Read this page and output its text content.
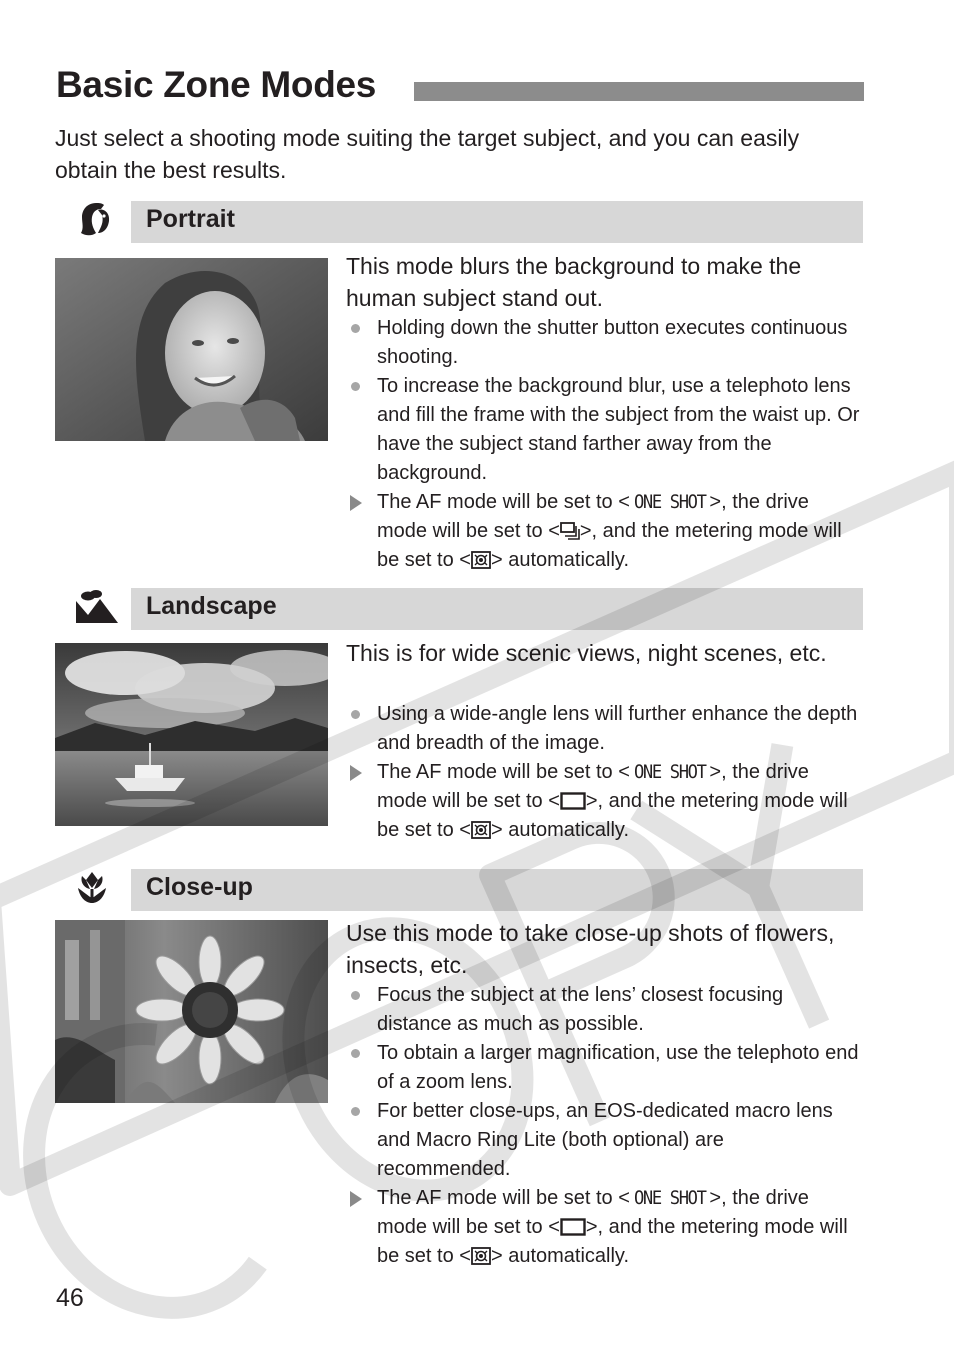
Basic Zone Modes

Just select a shooting mode suiting the target subject, and you can easily obtain the best results.

Portrait

This mode blurs the background to make the human subject stand out.

Holding down the shutter button executes continuous shooting.
To increase the background blur, use a telephoto lens and fill the frame with the subject from the waist up. Or have the subject stand farther away from the background.
The AF mode will be set to < ONE SHOT >, the drive mode will be set to < >, and the metering mode will be set to < > automatically.
Landscape

This is for wide scenic views, night scenes, etc.

Using a wide-angle lens will further enhance the depth and breadth of the image.
The AF mode will be set to < ONE SHOT >, the drive mode will be set to < >, and the metering mode will be set to < > automatically.
Close-up

Use this mode to take close-up shots of flowers, insects, etc.

Focus the subject at the lens’ closest focusing distance as much as possible.
To obtain a larger magnification, use the telephoto end of a zoom lens.
For better close-ups, an EOS-dedicated macro lens and Macro Ring Lite (both optional) are recommended.
The AF mode will be set to < ONE SHOT >, the drive mode will be set to < >, and the metering mode will be set to < > automatically.
46
